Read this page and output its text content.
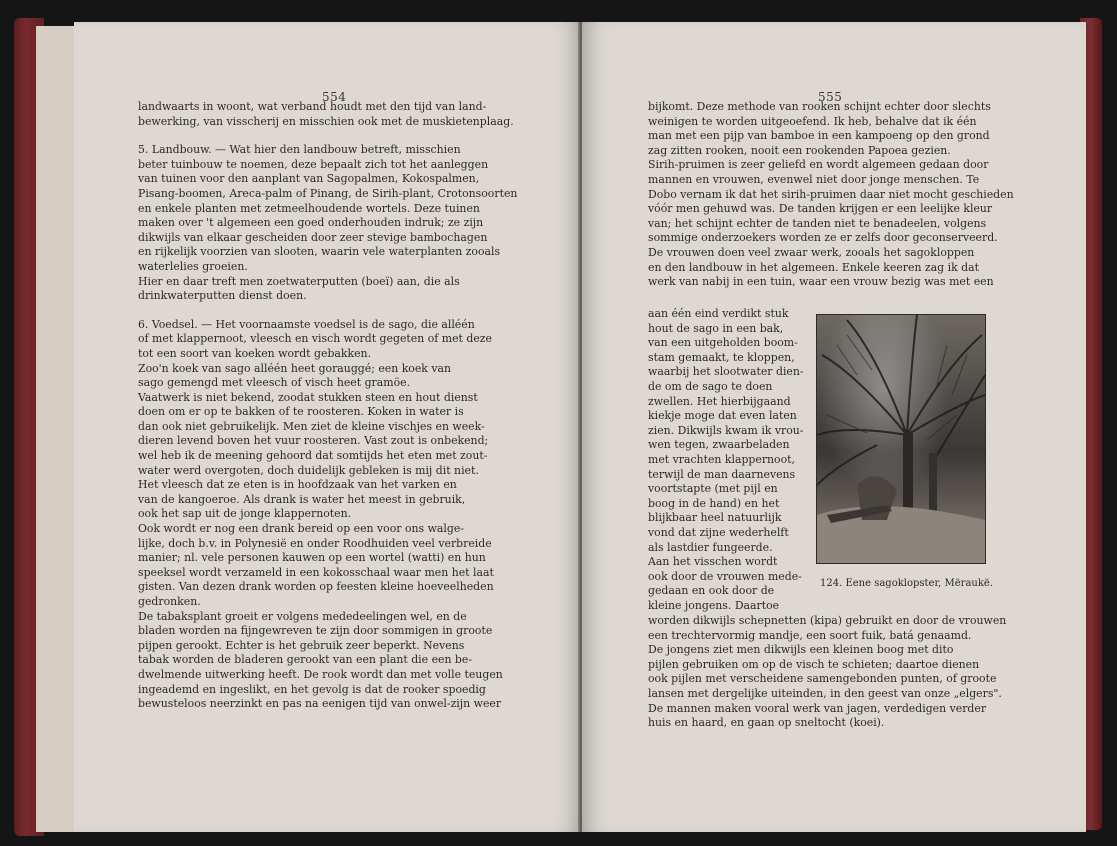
554
landwaarts in woont, wat verband houdt met den tijd van land-
bewerking, van visscherij en misschien ook met de muskietenplaag.
5. Landbouw. — Wat hier den landbouw betreft, misschien
beter tuinbouw te noemen, deze bepaalt zich tot het aanleggen
van tuinen voor den aanplant van Sagopalmen, Kokospalmen,
Pisang-boomen, Areca-palm of Pinang, de Sirih-plant, Crotonsoorten
en enkele planten met zetmeelhoudende wortels. Deze tuinen
maken over 't algemeen een goed onderhouden indruk; ze zijn
dikwijls van elkaar gescheiden door zeer stevige bambochagen
en rijkelijk voorzien van slooten, waarin vele waterplanten zooals
waterlelies groeien.
Hier en daar treft men zoetwaterputten (boeï) aan, die als
drinkwaterputten dienst doen.
6. Voedsel. — Het voornaamste voedsel is de sago, die alléén
of met klappernoot, vleesch en visch wordt gegeten of met deze
tot een soort van koeken wordt gebakken.
Zoo'n koek van sago alléén heet gorauggé; een koek van
sago gemengd met vleesch of visch heet gramöe.
Vaatwerk is niet bekend, zoodat stukken steen en hout dienst
doen om er op te bakken of te roosteren. Koken in water is
dan ook niet gebruikelijk. Men ziet de kleine vischjes en week-
dieren levend boven het vuur roosteren. Vast zout is onbekend;
wel heb ik de meening gehoord dat somtijds het eten met zout-
water werd overgoten, doch duidelijk gebleken is mij dit niet.
Het vleesch dat ze eten is in hoofdzaak van het varken en
van de kangoeroe. Als drank is water het meest in gebruik,
ook het sap uit de jonge klappernoten.
Ook wordt er nog een drank bereid op een voor ons walge-
lijke, doch b.v. in Polynesië en onder Roodhuiden veel verbreide
manier; nl. vele personen kauwen op een wortel (watti) en hun
speeksel wordt verzameld in een kokosschaal waar men het laat
gisten. Van dezen drank worden op feesten kleine hoeveelheden
gedronken.
De tabaksplant groeit er volgens mededeelingen wel, en de
bladen worden na fijngewreven te zijn door sommigen in groote
pijpen gerookt. Echter is het gebruik zeer beperkt. Nevens
tabak worden de bladeren gerookt van een plant die een be-
dwelmende uitwerking heeft. De rook wordt dan met volle teugen
ingeademd en ingeslikt, en het gevolg is dat de rooker spoedig
bewusteloos neerzinkt en pas na eenigen tijd van onwel-zijn weer
555
bijkomt. Deze methode van rooken schijnt echter door slechts
weinigen te worden uitgeoefend. Ik heb, behalve dat ik één
man met een pijp van bamboe in een kampoeng op den grond
zag zitten rooken, nooit een rookenden Papoea gezien.
Sirih-pruimen is zeer geliefd en wordt algemeen gedaan door
mannen en vrouwen, evenwel niet door jonge menschen. Te
Dobo vernam ik dat het sirih-pruimen daar niet mocht geschieden
vóór men gehuwd was. De tanden krijgen er een leelijke kleur
van; het schijnt echter de tanden niet te benadeelen, volgens
sommige onderzoekers worden ze er zelfs door geconserveerd.
De vrouwen doen veel zwaar werk, zooals het sagokloppen
en den landbouw in het algemeen. Enkele keeren zag ik dat
werk van nabij in een tuin, waar een vrouw bezig was met een
aan één eind verdikt stuk
hout de sago in een bak,
van een uitgeholden boom-
stam gemaakt, te kloppen,
waarbij het slootwater dien-
de om de sago te doen
zwellen. Het hierbijgaand
kiekje moge dat even laten
zien. Dikwijls kwam ik vrou-
wen tegen, zwaarbeladen
met vrachten klappernoot,
terwijl de man daarnevens
voortstapte (met pijl en
boog in de hand) en het
blijkbaar heel natuurlijk
vond dat zijne wederhelft
als lastdier fungeerde.
Aan het visschen wordt
ook door de vrouwen mede-
gedaan en ook door de
kleine jongens. Daartoe
124. Eene sagoklopster, Mëraukë.
worden dikwijls schepnetten (kipa) gebruikt en door de vrouwen
een trechtervormig mandje, een soort fuik, batá genaamd.
De jongens ziet men dikwijls een kleinen boog met dito
pijlen gebruiken om op de visch te schieten; daartoe dienen
ook pijlen met verscheidene samengebonden punten, of groote
lansen met dergelijke uiteinden, in den geest van onze „elgers".
De mannen maken vooral werk van jagen, verdedigen verder
huis en haard, en gaan op sneltocht (koei).
